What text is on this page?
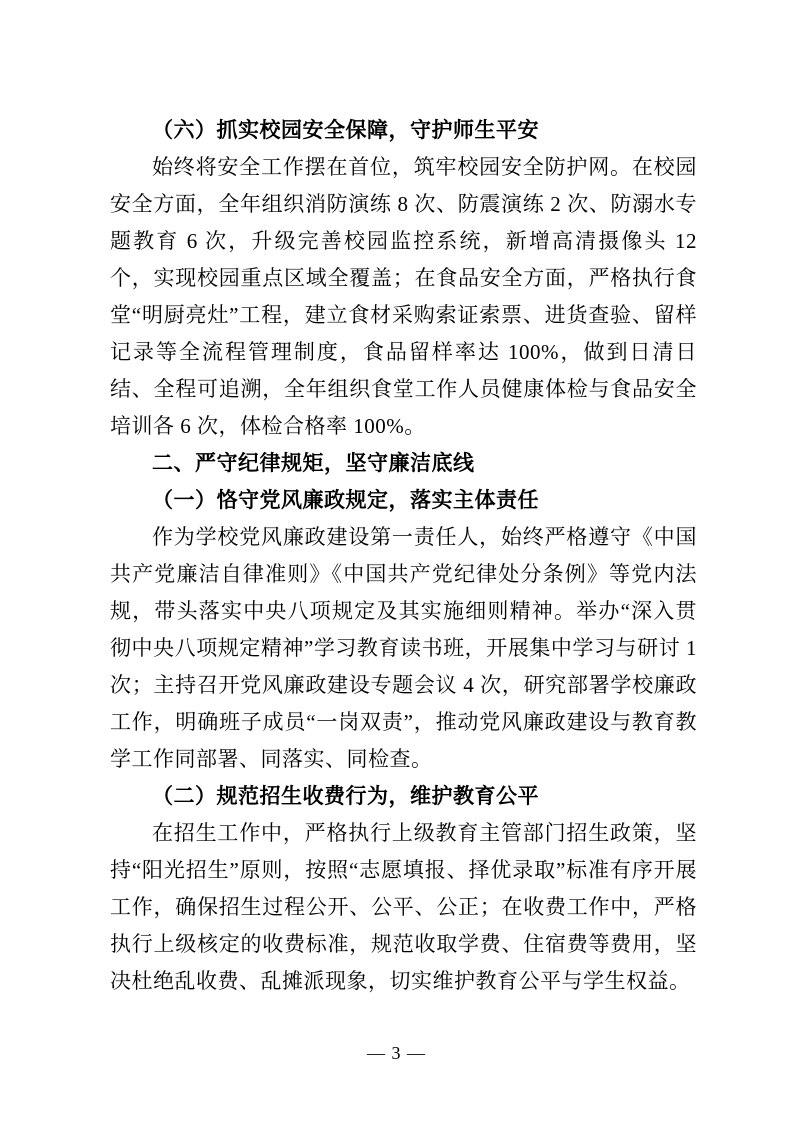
（六）抓实校园安全保障，守护师生平安

始终将安全工作摆在首位，筑牢校园安全防护网。在校园安全方面，全年组织消防演练 8 次、防震演练 2 次、防溺水专题教育 6 次，升级完善校园监控系统，新增高清摄像头 12 个，实现校园重点区域全覆盖；在食品安全方面，严格执行食堂“明厨亮灶”工程，建立食材采购索证索票、进货查验、留样记录等全流程管理制度，食品留样率达 100%，做到日清日结、全程可追溯，全年组织食堂工作人员健康体检与食品安全培训各 6 次，体检合格率 100%。

二、严守纪律规矩，坚守廉洁底线
（一）恪守党风廉政规定，落实主体责任

作为学校党风廉政建设第一责任人，始终严格遵守《中国共产党廉洁自律准则》《中国共产党纪律处分条例》等党内法规，带头落实中央八项规定及其实施细则精神。举办“深入贯彻中央八项规定精神”学习教育读书班，开展集中学习与研讨 1 次；主持召开党风廉政建设专题会议 4 次，研究部署学校廉政工作，明确班子成员“一岗双责”，推动党风廉政建设与教育教学工作同部署、同落实、同检查。

（二）规范招生收费行为，维护教育公平

在招生工作中，严格执行上级教育主管部门招生政策，坚持“阳光招生”原则，按照“志愿填报、择优录取”标准有序开展工作，确保招生过程公开、公平、公正；在收费工作中，严格执行上级核定的收费标准，规范收取学费、住宿费等费用，坚决杜绝乱收费、乱摊派现象，切实维护教育公平与学生权益。

— 3 —
